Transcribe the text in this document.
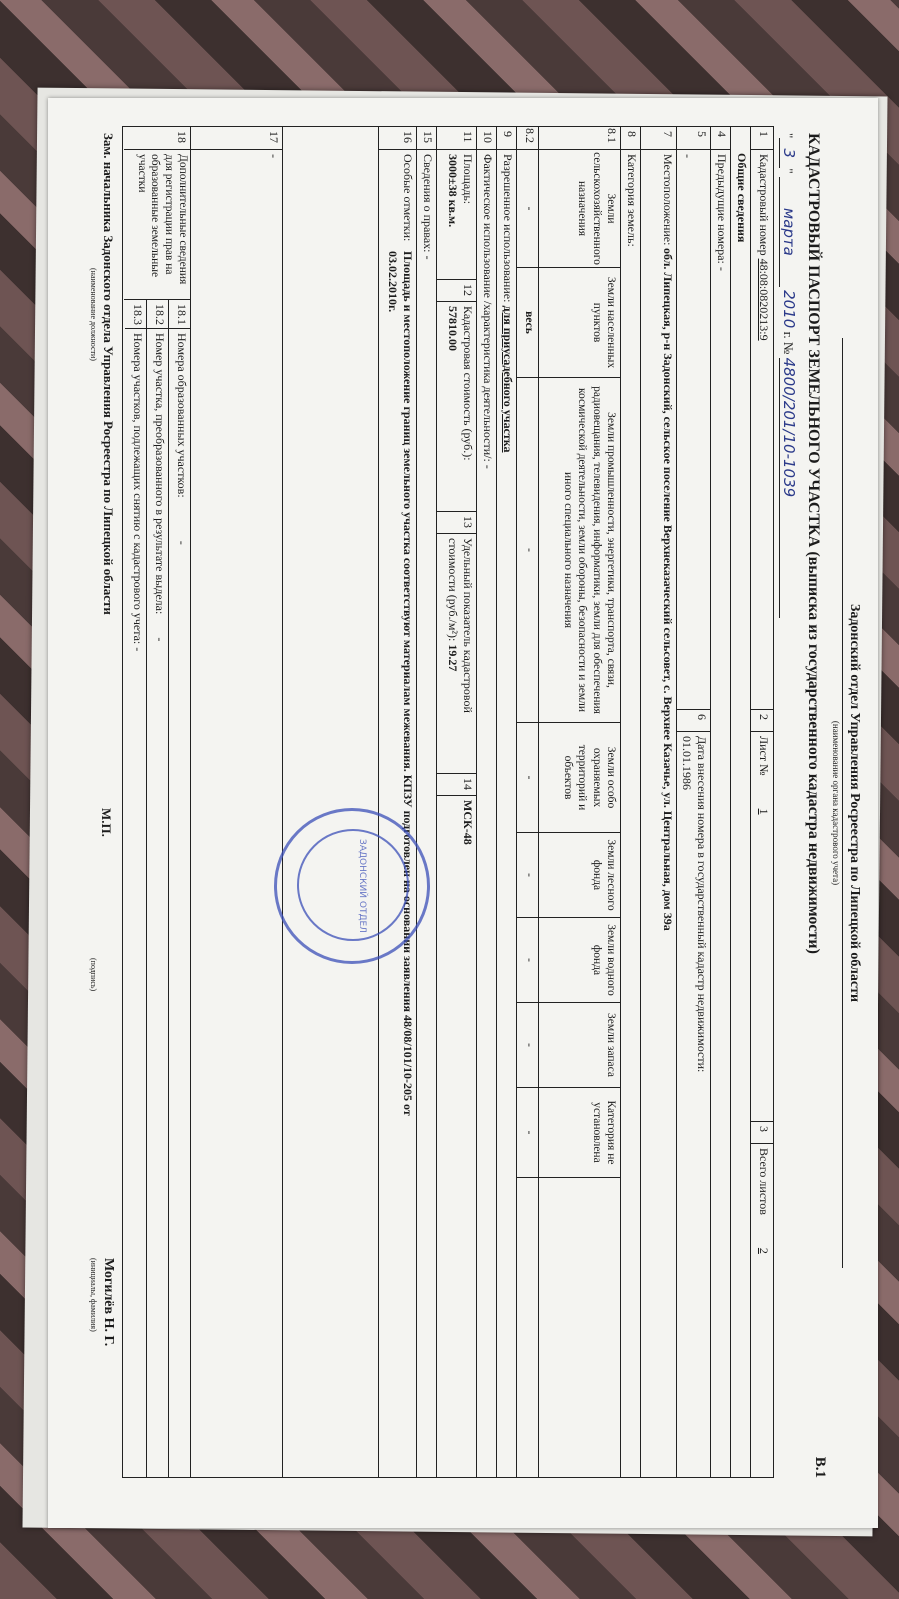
Задонский отдел Управления Росреестра по Липецкой области
(наименование органа кадастрового учета)
В.1
КАДАСТРОВЫЙ ПАСПОРТ ЗЕМЕЛЬНОГО УЧАСТКА (выписка из государственного кадастра недвижимости)
"3" марта 2010 г. № 4800/201/10-1039
1
Кадастровый номер 48:08:0820213:9
2
Лист № 1
3
Всего листов 2
Общие сведения
4
Предыдущие номера: -
5
-
6
Дата внесения номера в государственный кадастр недвижимости:
01.01.1986
7
Местоположение:
обл. Липецкая, р-н Задонский, сельское поселение Верхнеказаческий сельсовет, с. Верхнее Казачье, ул. Центральная, дом 39а
8
Категория земель:
8.1
Земли сельскохозяйственного назначения
Земли населенных пунктов
Земли промышленности, энергетики, транспорта, связи, радиовещания, телевидения, информатики, земли для обеспечения космической деятельности, земли обороны, безопасности и земли иного специального назначения
Земли особо охраняемых территорий и объектов
Земли лесного фонда
Земли водного фонда
Земли запаса
Категория не установлена
8.2
-
весь
-
-
-
-
-
-
9
Разрешенное использование: для приусадебного участка
10
Фактическое использование /характеристика деятельности/: -
11
Площадь:
3000±38 кв.м.
12
Кадастровая стоимость (руб.): 57810.00
13
Удельный показатель кадастровой стоимости (руб./м²): 19.27
14
МСК-48
15
Сведения о правах: -
16
Особые отметки:
Площадь и местоположение границ земельного участка соответствуют материалам межевания. КПЗУ подготовлен на основании заявления 48/08/101/10-205 от 03.02.2010г.
17
-
18
Дополнительные сведения для регистрации прав на образованные земельные участки
18.1
Номера образованных участков: -
18.2
Номер участка, преобразованного в результате выдела: -
18.3
Номера участков, подлежащих снятию с кадастрового учета: -
ЗАДОНСКИЙ ОТДЕЛ
Зам. начальника Задонского отдела Управления Росреестра по Липецкой области
(наименование должности)
М.П.
(подпись)
Могилёв Н. Г.
(инициалы, фамилия)
